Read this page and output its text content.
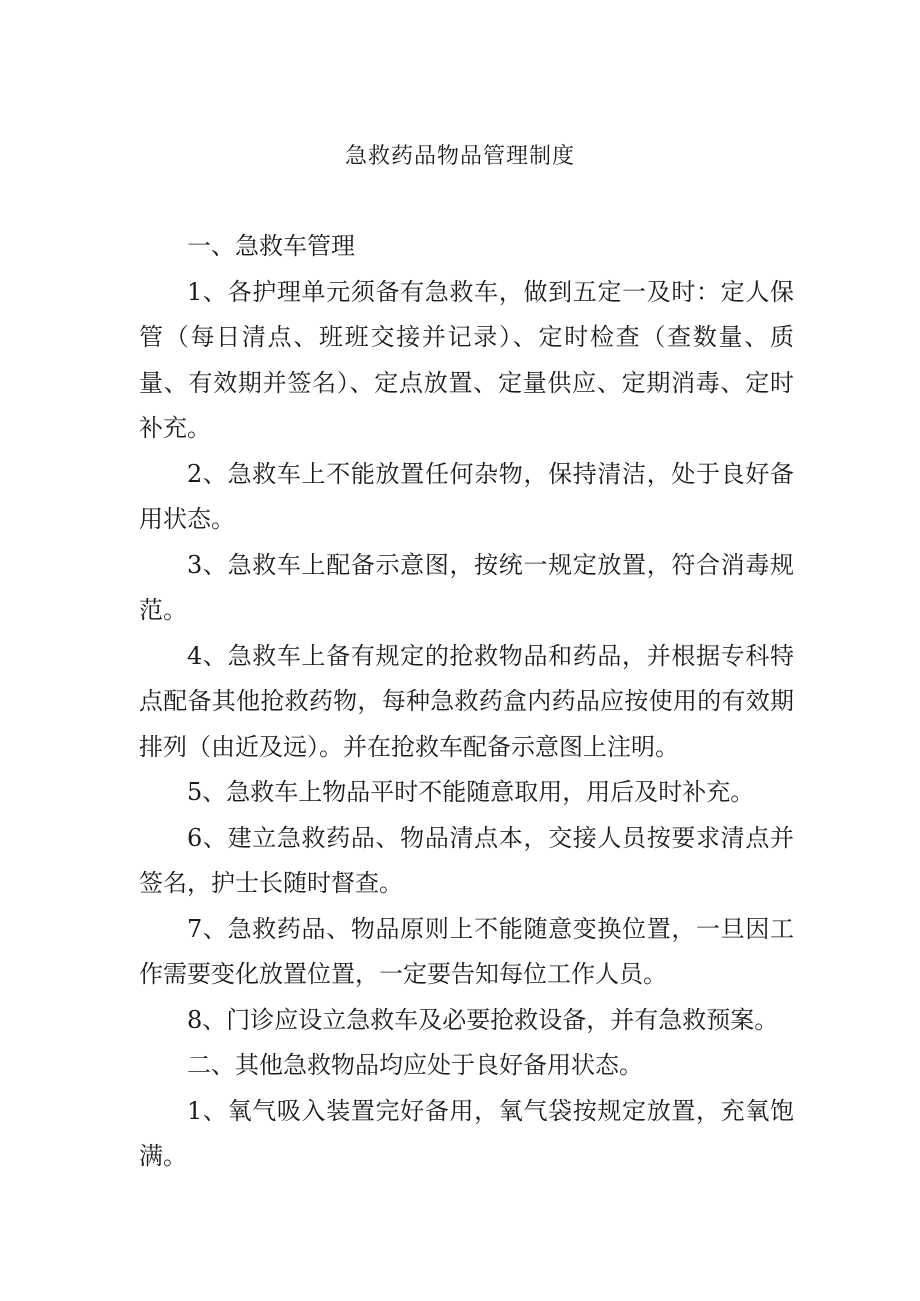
急救药品物品管理制度

一、急救车管理

1、各护理单元须备有急救车，做到五定一及时：定人保管（每日清点、班班交接并记录）、定时检查（查数量、质量、有效期并签名）、定点放置、定量供应、定期消毒、定时补充。

2、急救车上不能放置任何杂物，保持清洁，处于良好备用状态。

3、急救车上配备示意图，按统一规定放置，符合消毒规范。

4、急救车上备有规定的抢救物品和药品，并根据专科特点配备其他抢救药物，每种急救药盒内药品应按使用的有效期排列（由近及远）。并在抢救车配备示意图上注明。

5、急救车上物品平时不能随意取用，用后及时补充。

6、建立急救药品、物品清点本，交接人员按要求清点并签名，护士长随时督查。

7、急救药品、物品原则上不能随意变换位置，一旦因工作需要变化放置位置，一定要告知每位工作人员。

8、门诊应设立急救车及必要抢救设备，并有急救预案。

二、其他急救物品均应处于良好备用状态。

1、氧气吸入装置完好备用，氧气袋按规定放置，充氧饱满。
